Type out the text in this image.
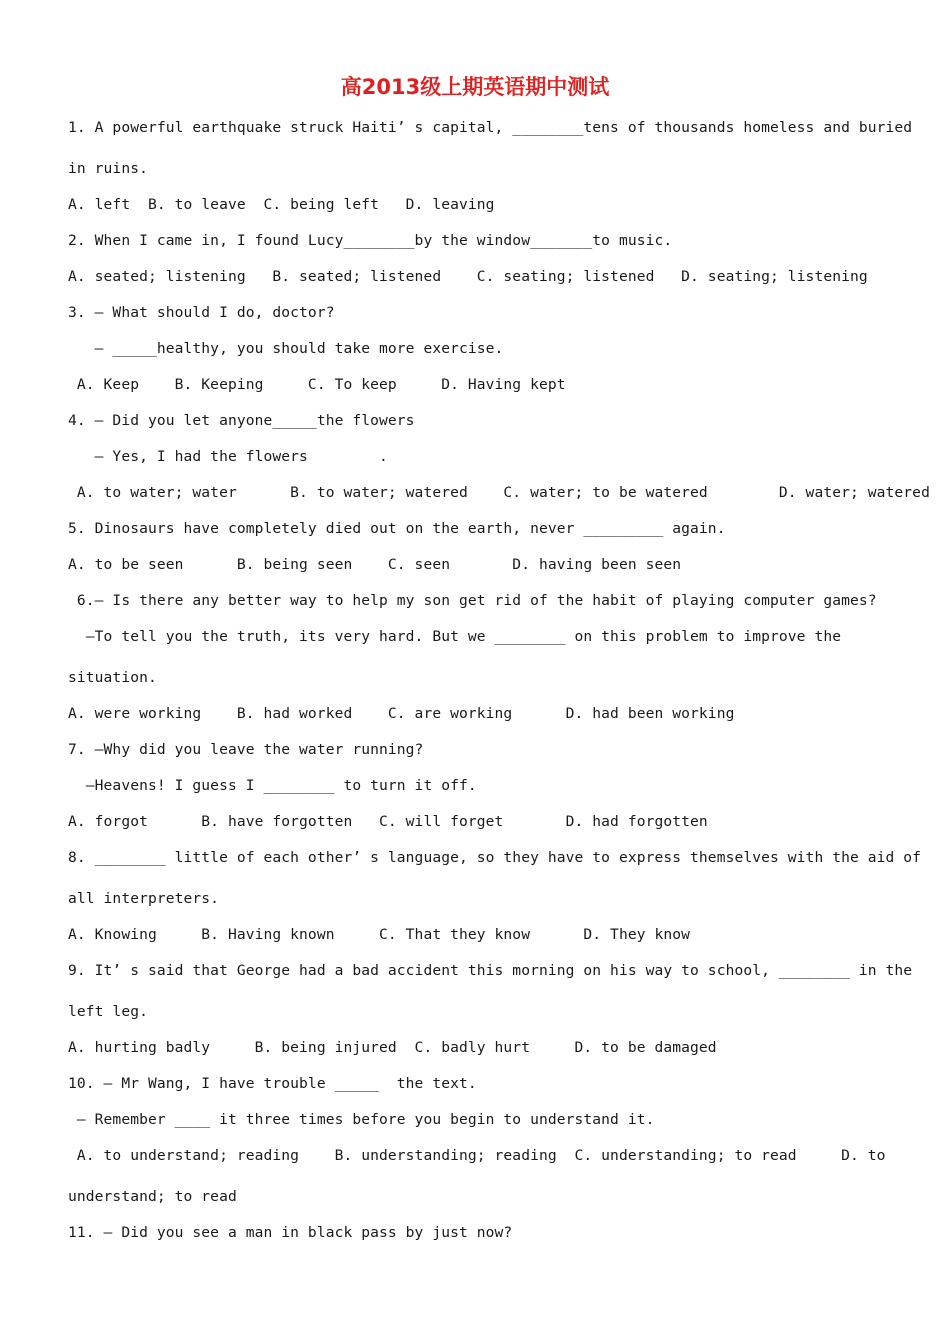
高2013级上期英语期中测试
1. A powerful earthquake struck Haiti’ s capital, ________tens of thousands homeless and buried
in ruins.
A. left  B. to leave  C. being left   D. leaving
2. When I came in, I found Lucy________by the window_______to music.
A. seated; listening   B. seated; listened    C. seating; listened   D. seating; listening
3. — What should I do, doctor?
— _____healthy, you should take more exercise.
A. Keep    B. Keeping     C. To keep     D. Having kept
4. — Did you let anyone_____the flowers
— Yes, I had the flowers        .
A. to water; water      B. to water; watered    C. water; to be watered        D. water; watered
5. Dinosaurs have completely died out on the earth, never _________ again.
A. to be seen      B. being seen    C. seen       D. having been seen
6.— Is there any better way to help my son get rid of the habit of playing computer games?
—To tell you the truth, its very hard. But we ________ on this problem to improve the
situation.
A. were working    B. had worked    C. are working      D. had been working
7. —Why did you leave the water running?
—Heavens! I guess I ________ to turn it off.
A. forgot      B. have forgotten   C. will forget       D. had forgotten
8. ________ little of each other’ s language, so they have to express themselves with the aid of
all interpreters.
A. Knowing     B. Having known     C. That they know      D. They know
9. It’ s said that George had a bad accident this morning on his way to school, ________ in the
left leg.
A. hurting badly     B. being injured  C. badly hurt     D. to be damaged
10. — Mr Wang, I have trouble _____  the text.
— Remember ____ it three times before you begin to understand it.
A. to understand; reading    B. understanding; reading  C. understanding; to read     D. to
understand; to read
11. — Did you see a man in black pass by just now?
